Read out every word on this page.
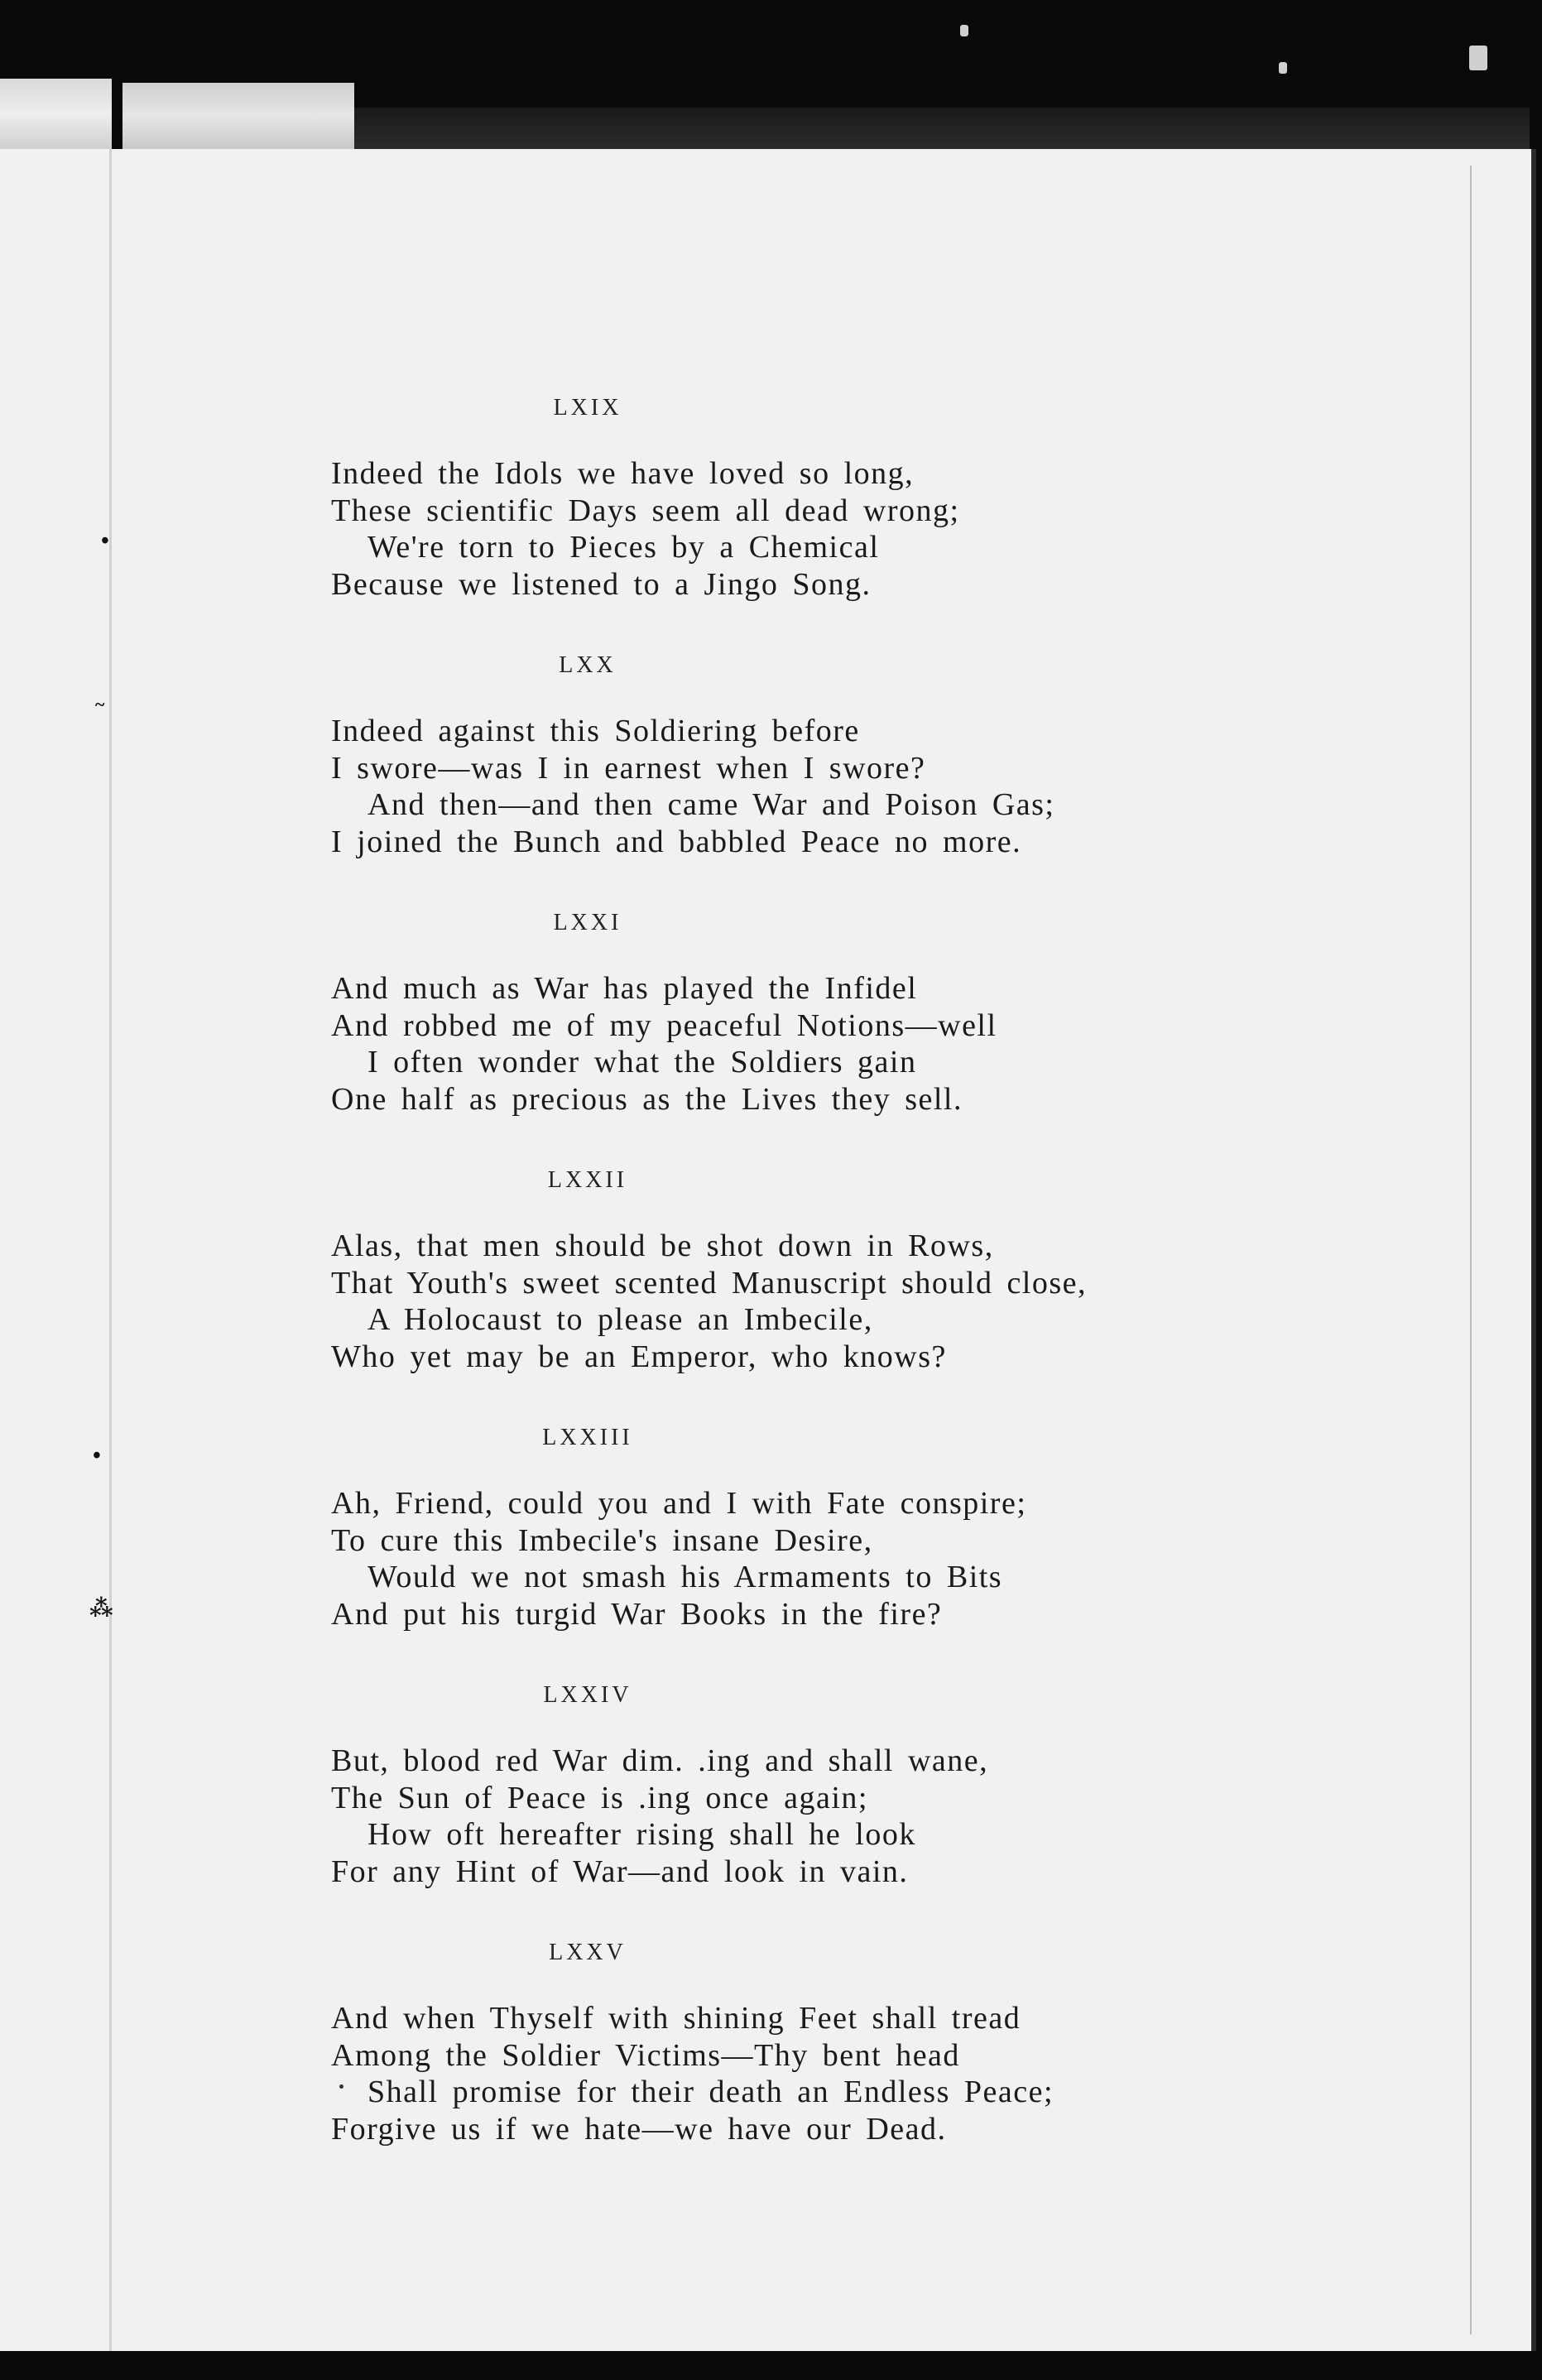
•
~
•
⁂
LXIX
Indeed the Idols we have loved so long,
These scientific Days seem all dead wrong;
We're torn to Pieces by a Chemical
Because we listened to a Jingo Song.
LXX
Indeed against this Soldiering before
I swore—was I in earnest when I swore?
And then—and then came War and Poison Gas;
I joined the Bunch and babbled Peace no more.
LXXI
And much as War has played the Infidel
And robbed me of my peaceful Notions—well
I often wonder what the Soldiers gain
One half as precious as the Lives they sell.
LXXII
Alas, that men should be shot down in Rows,
That Youth's sweet scented Manuscript should close,
A Holocaust to please an Imbecile,
Who yet may be an Emperor, who knows?
LXXIII
Ah, Friend, could you and I with Fate conspire;
To cure this Imbecile's insane Desire,
Would we not smash his Armaments to Bits
And put his turgid War Books in the fire?
LXXIV
But, blood red War dim. .ing and shall wane,
The Sun of Peace is .ing once again;
How oft hereafter rising shall he look
For any Hint of War—and look in vain.
LXXV
And when Thyself with shining Feet shall tread
Among the Soldier Victims—Thy bent head
Shall promise for their death an Endless Peace;
Forgive us if we hate—we have our Dead.
